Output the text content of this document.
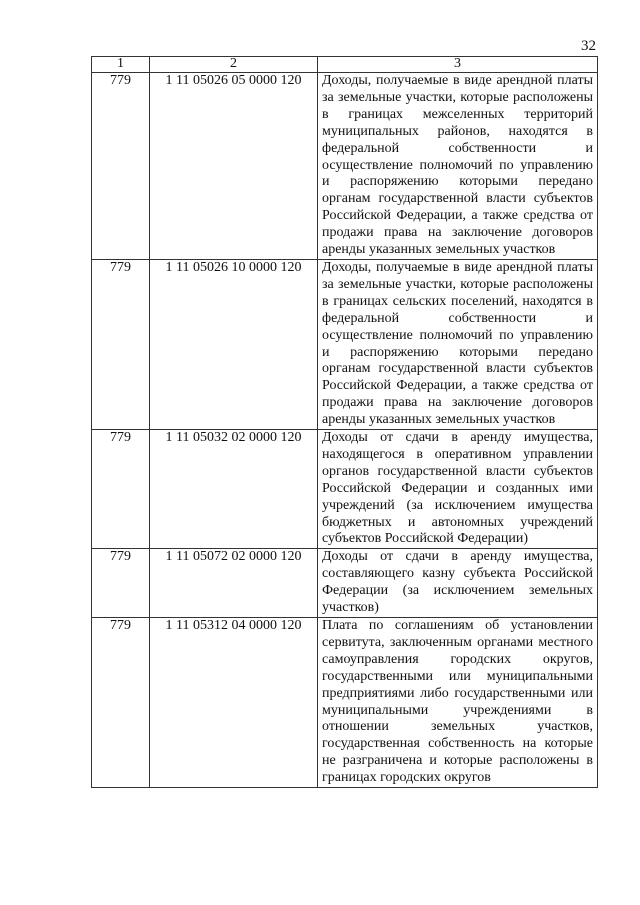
32
1	2	3
779	1 11 05026 05 0000 120	Доходы, получаемые в виде арендной платы за земельные участки, которые расположены в границах межселенных территорий муниципальных районов, находятся в федеральной собственности и осуществление полномочий по управлению и распоряжению которыми передано органам государственной власти субъектов Российской Федерации, а также средства от продажи права на заключение договоров аренды указанных земельных участков
779	1 11 05026 10 0000 120	Доходы, получаемые в виде арендной платы за земельные участки, которые расположены в границах сельских поселений, находятся в федеральной собственности и осуществление полномочий по управлению и распоряжению которыми передано органам государственной власти субъектов Российской Федерации, а также средства от продажи права на заключение договоров аренды указанных земельных участков
779	1 11 05032 02 0000 120	Доходы от сдачи в аренду имущества, находящегося в оперативном управлении органов государственной власти субъектов Российской Федерации и созданных ими учреждений (за исключением имущества бюджетных и автономных учреждений субъектов Российской Федерации)
779	1 11 05072 02 0000 120	Доходы от сдачи в аренду имущества, составляющего казну субъекта Российской Федерации (за исключением земельных участков)
779	1 11 05312 04 0000 120	Плата по соглашениям об установлении сервитута, заключенным органами местного самоуправления городских округов, государственными или муниципальными предприятиями либо государственными или муниципальными учреждениями в отношении земельных участков, государственная собственность на которые не разграничена и которые расположены в границах городских округов
